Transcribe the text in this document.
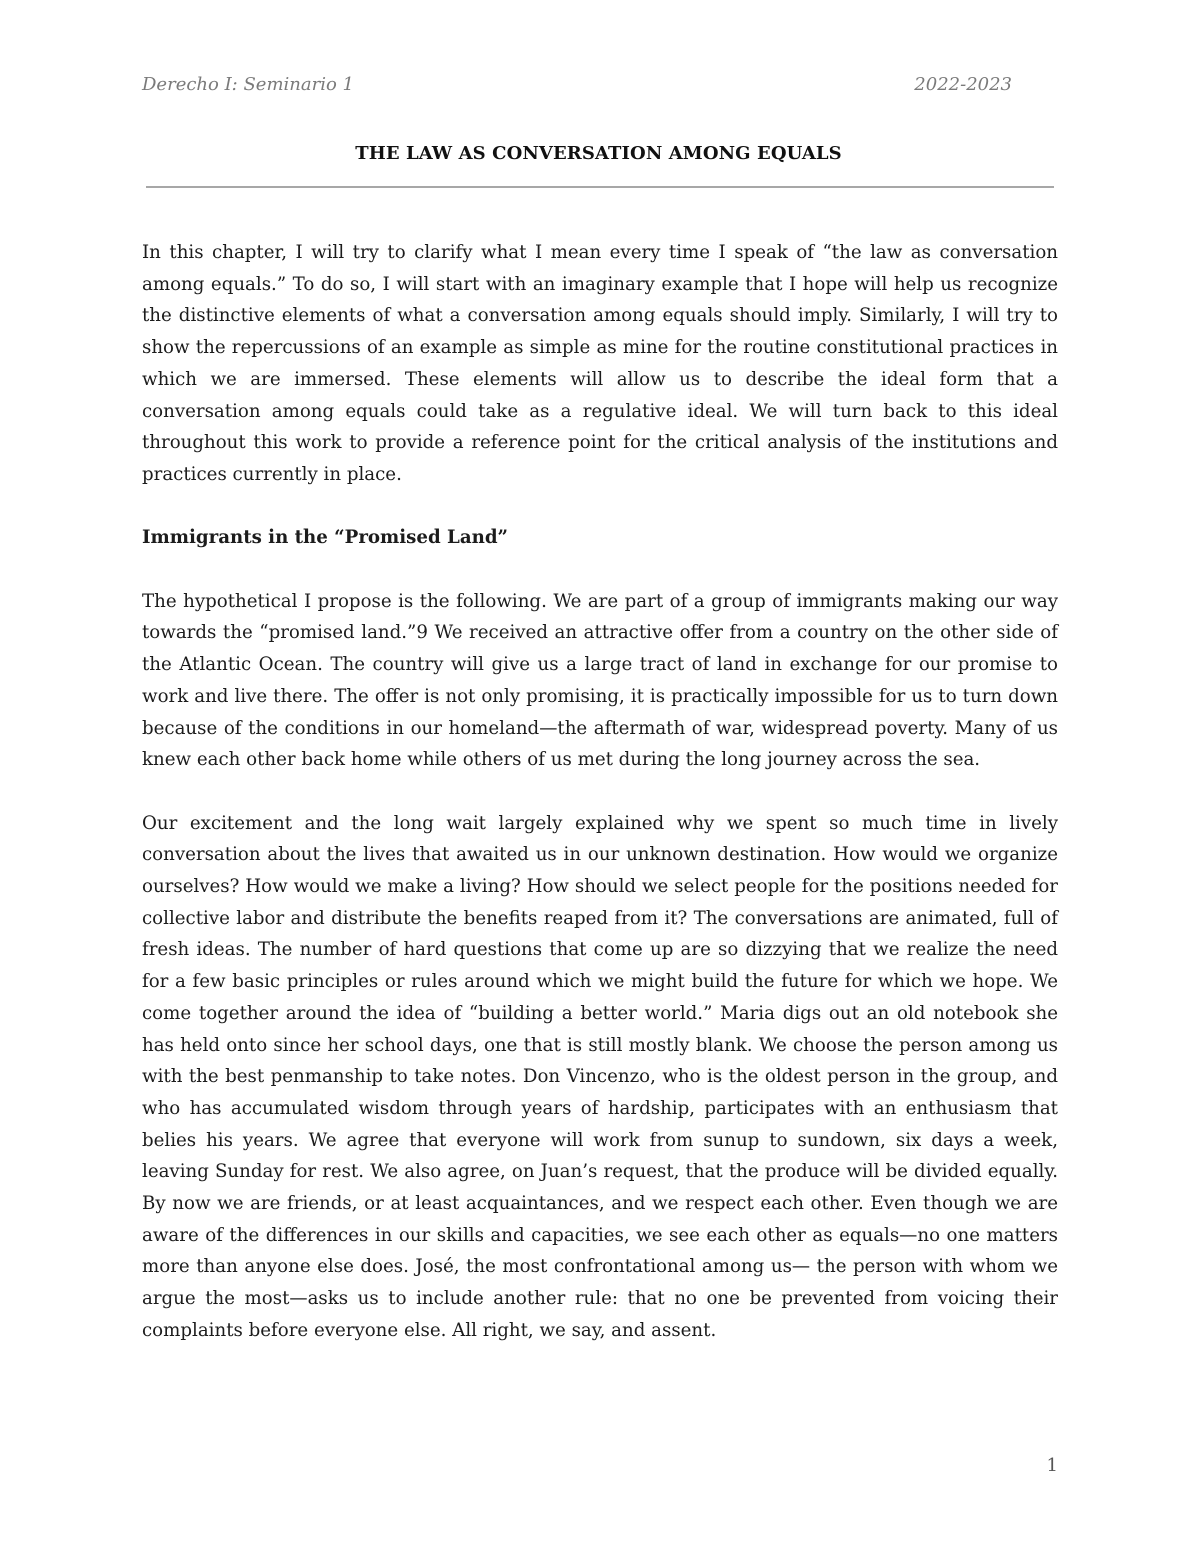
Derecho I: Seminario 1	2022-2023
THE LAW AS CONVERSATION AMONG EQUALS

In this chapter, I will try to clarify what I mean every time I speak of “the law as conversation among equals.” To do so, I will start with an imaginary example that I hope will help us recognize the distinctive elements of what a conversation among equals should imply. Similarly, I will try to show the repercussions of an example as simple as mine for the routine constitutional practices in which we are immersed. These elements will allow us to describe the ideal form that a conversation among equals could take as a regulative ideal. We will turn back to this ideal throughout this work to provide a reference point for the critical analysis of the institutions and practices currently in place.

Immigrants in the “Promised Land”

The hypothetical I propose is the following. We are part of a group of immigrants making our way towards the “promised land.”9 We received an attractive offer from a country on the other side of the Atlantic Ocean. The country will give us a large tract of land in exchange for our promise to work and live there. The offer is not only promising, it is practically impossible for us to turn down because of the conditions in our homeland—the aftermath of war, widespread poverty. Many of us knew each other back home while others of us met during the long journey across the sea.

Our excitement and the long wait largely explained why we spent so much time in lively conversation about the lives that awaited us in our unknown destination. How would we organize ourselves? How would we make a living? How should we select people for the positions needed for collective labor and distribute the benefits reaped from it? The conversations are animated, full of fresh ideas. The number of hard questions that come up are so dizzying that we realize the need for a few basic principles or rules around which we might build the future for which we hope. We come together around the idea of “building a better world.” Maria digs out an old notebook she has held onto since her school days, one that is still mostly blank. We choose the person among us with the best penmanship to take notes. Don Vincenzo, who is the oldest person in the group, and who has accumulated wisdom through years of hardship, participates with an enthusiasm that belies his years. We agree that everyone will work from sunup to sundown, six days a week, leaving Sunday for rest. We also agree, on Juan’s request, that the produce will be divided equally. By now we are friends, or at least acquaintances, and we respect each other. Even though we are aware of the differences in our skills and capacities, we see each other as equals—no one matters more than anyone else does. José, the most confrontational among us— the person with whom we argue the most—asks us to include another rule: that no one be prevented from voicing their complaints before everyone else. All right, we say, and assent.

1
